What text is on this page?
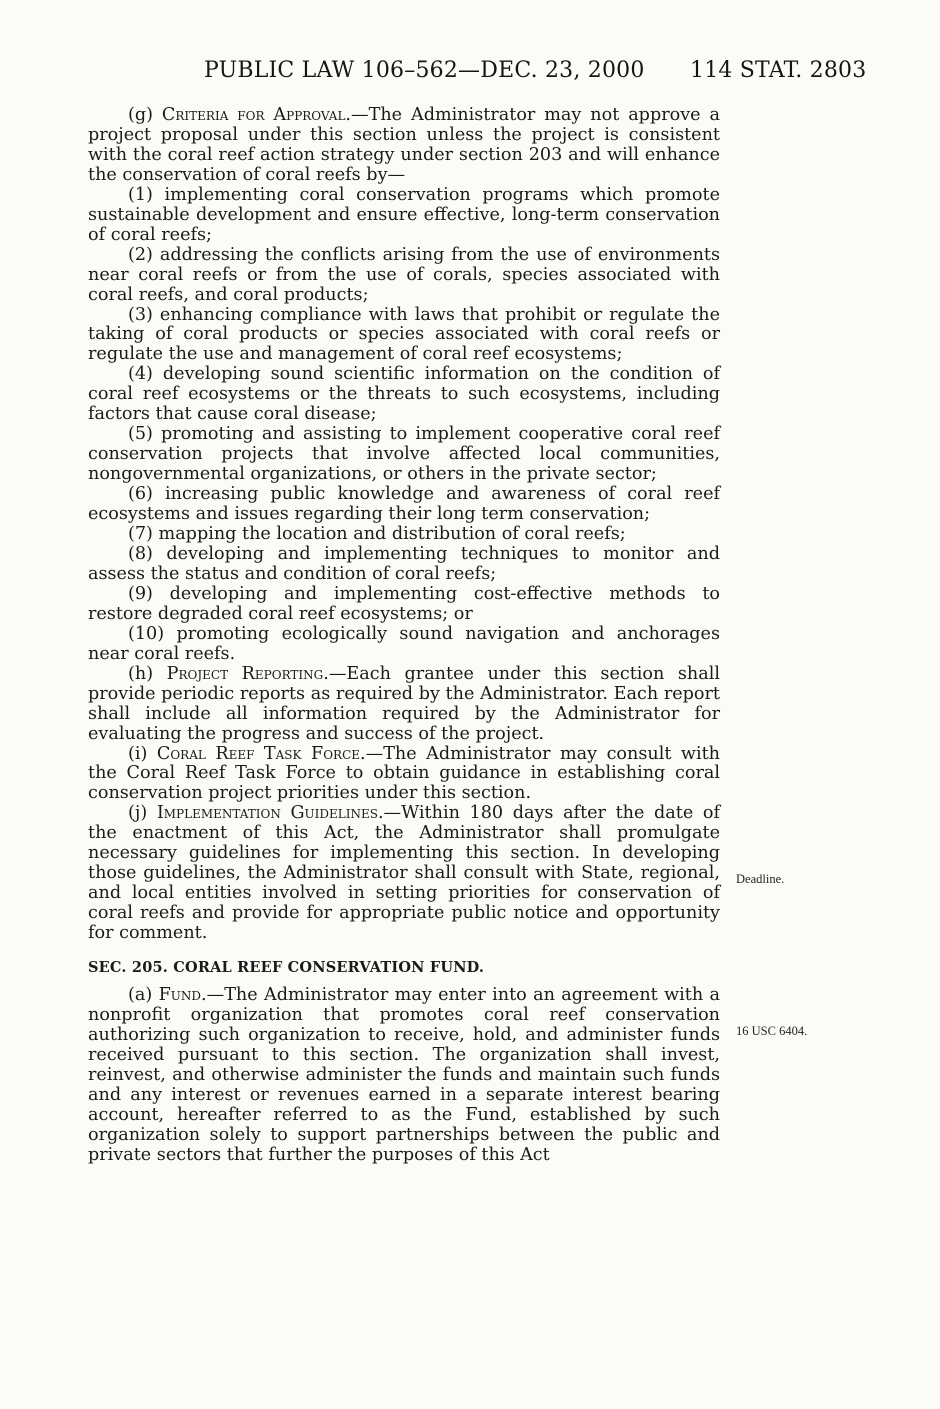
PUBLIC LAW 106–562—DEC. 23, 2000 114 STAT. 2803

(g) Criteria for Approval.—The Administrator may not approve a project proposal under this section unless the project is consistent with the coral reef action strategy under section 203 and will enhance the conservation of coral reefs by—

(1) implementing coral conservation programs which promote sustainable development and ensure effective, long-term conservation of coral reefs;

(2) addressing the conflicts arising from the use of environments near coral reefs or from the use of corals, species associated with coral reefs, and coral products;

(3) enhancing compliance with laws that prohibit or regulate the taking of coral products or species associated with coral reefs or regulate the use and management of coral reef ecosystems;

(4) developing sound scientific information on the condition of coral reef ecosystems or the threats to such ecosystems, including factors that cause coral disease;

(5) promoting and assisting to implement cooperative coral reef conservation projects that involve affected local communities, nongovernmental organizations, or others in the private sector;

(6) increasing public knowledge and awareness of coral reef ecosystems and issues regarding their long term conservation;

(7) mapping the location and distribution of coral reefs;

(8) developing and implementing techniques to monitor and assess the status and condition of coral reefs;

(9) developing and implementing cost-effective methods to restore degraded coral reef ecosystems; or

(10) promoting ecologically sound navigation and anchorages near coral reefs.

(h) Project Reporting.—Each grantee under this section shall provide periodic reports as required by the Administrator. Each report shall include all information required by the Administrator for evaluating the progress and success of the project.

(i) Coral Reef Task Force.—The Administrator may consult with the Coral Reef Task Force to obtain guidance in establishing coral conservation project priorities under this section.

(j) Implementation Guidelines.—Within 180 days after the date of the enactment of this Act, the Administrator shall promulgate necessary guidelines for implementing this section. In developing those guidelines, the Administrator shall consult with State, regional, and local entities involved in setting priorities for conservation of coral reefs and provide for appropriate public notice and opportunity for comment.

SEC. 205. CORAL REEF CONSERVATION FUND.

(a) Fund.—The Administrator may enter into an agreement with a nonprofit organization that promotes coral reef conservation authorizing such organization to receive, hold, and administer funds received pursuant to this section. The organization shall invest, reinvest, and otherwise administer the funds and maintain such funds and any interest or revenues earned in a separate interest bearing account, hereafter referred to as the Fund, established by such organization solely to support partnerships between the public and private sectors that further the purposes of this Act

Deadline.
16 USC 6404.
